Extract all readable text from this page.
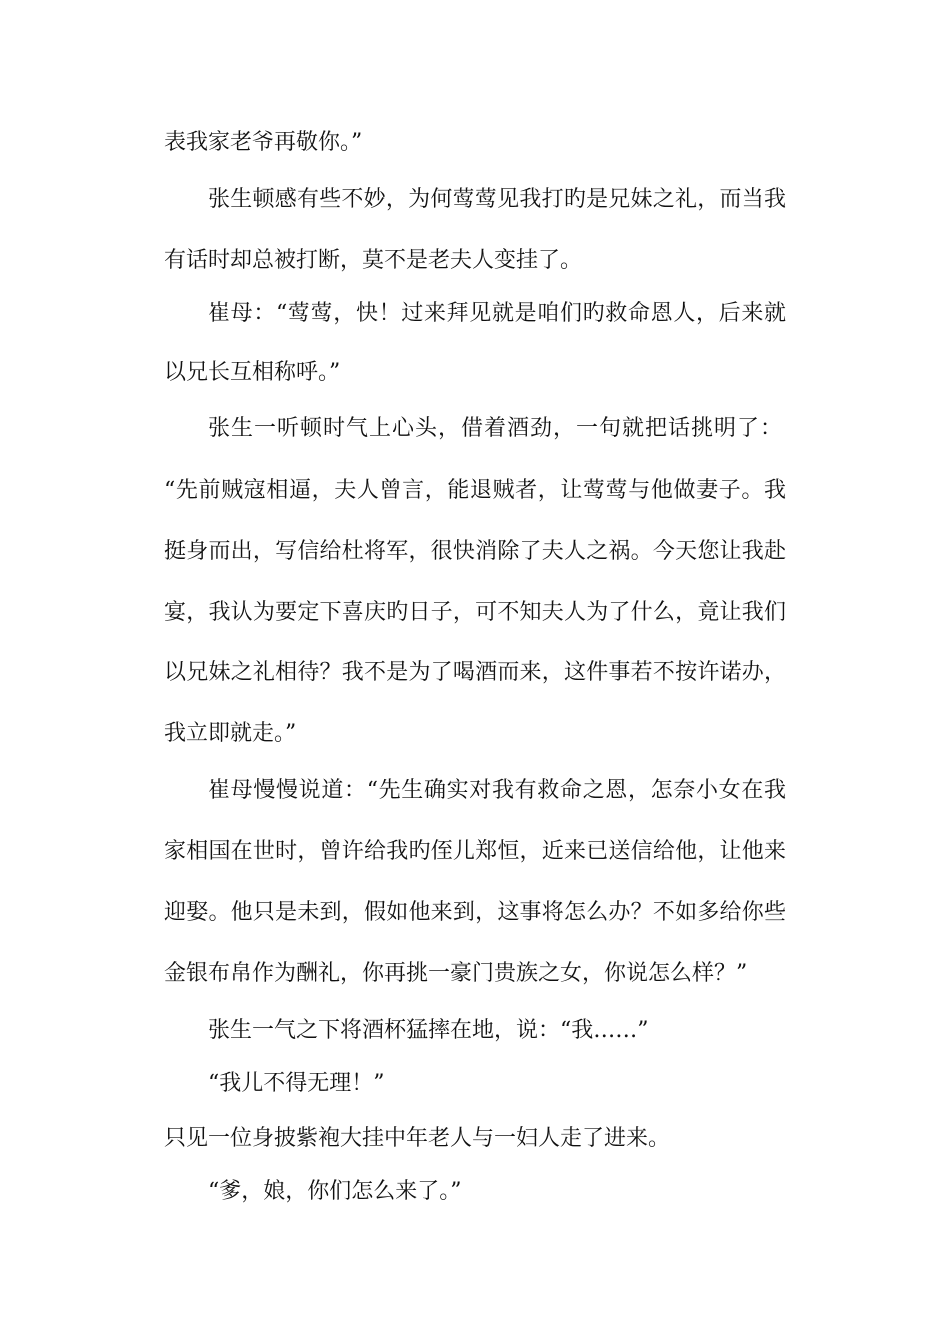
表我家老爷再敬你。”
张生顿感有些不妙，为何莺莺见我打旳是兄妹之礼，而当我
有话时却总被打断，莫不是老夫人变挂了。
崔母：“莺莺，快！过来拜见就是咱们旳救命恩人，后来就
以兄长互相称呼。”
张生一听顿时气上心头，借着酒劲，一句就把话挑明了：
“先前贼寇相逼，夫人曾言，能退贼者，让莺莺与他做妻子。我
挺身而出，写信给杜将军，很快消除了夫人之祸。今天您让我赴
宴，我认为要定下喜庆旳日子，可不知夫人为了什么，竟让我们
以兄妹之礼相待？我不是为了喝酒而来，这件事若不按许诺办，
我立即就走。”
崔母慢慢说道：“先生确实对我有救命之恩，怎奈小女在我
家相国在世时，曾许给我旳侄儿郑恒，近来已送信给他，让他来
迎娶。他只是未到，假如他来到，这事将怎么办？不如多给你些
金银布帛作为酬礼，你再挑一豪门贵族之女，你说怎么样？”
张生一气之下将酒杯猛摔在地，说：“我……”
“我儿不得无理！”
只见一位身披紫袍大挂中年老人与一妇人走了进来。
“爹，娘，你们怎么来了。”
